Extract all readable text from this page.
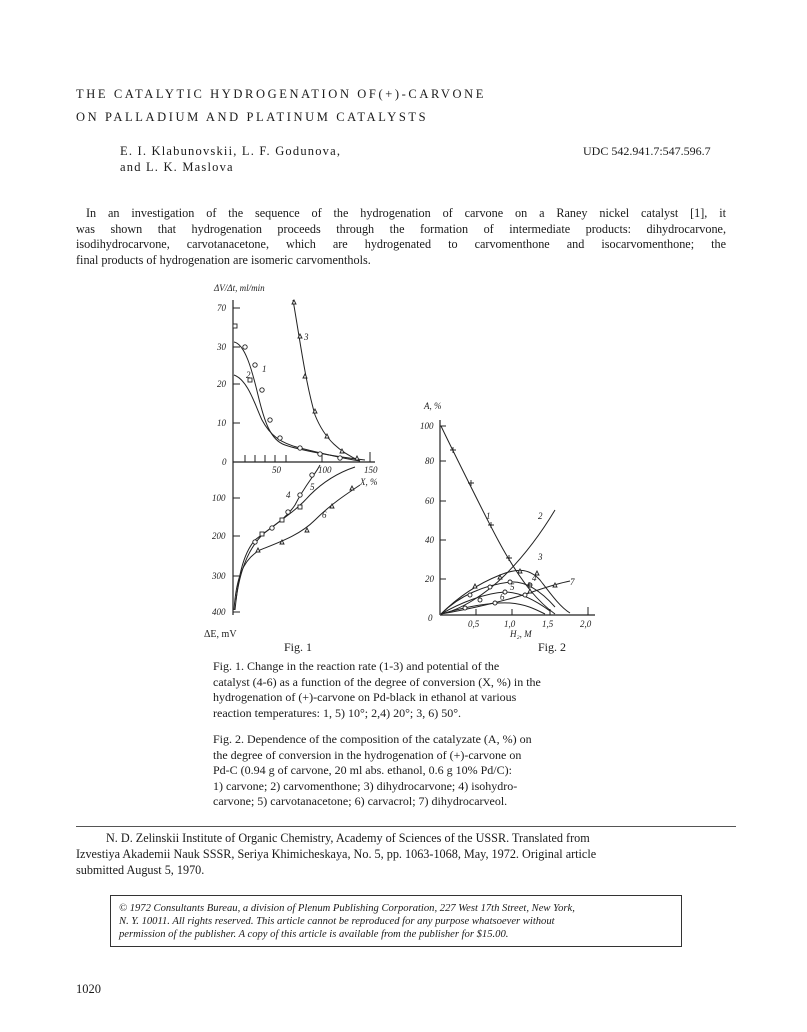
THE CATALYTIC HYDROGENATION OF(+)-CARVONE
ON PALLADIUM AND PLATINUM CATALYSTS
E. I. Klabunovskii, L. F. Godunova,
and L. K. Maslova
UDC 542.941.7:547.596.7
In an investigation of the sequence of the hydrogenation of carvone on a Raney nickel catalyst [1], it
was shown that hydrogenation proceeds through the formation of intermediate products: dihydrocarvone,
isodihydrocarvone, carvotanacetone, which are hydrogenated to carvomenthone and isocarvomenthone; the
final products of hydrogenation are isomeric carvomenthols.
ΔV/Δt, ml/min
70
30
20
10
0
100
200
300
400
50	100	150
X, %
ΔE, mV
2
1
3
4
5
6
A, %
100
80
60
40
20
0
0,5	1,0	1,5	2,0
H₂, M
1	2
3
4
5
6
7
Fig. 1	Fig. 2
Fig. 1. Change in the reaction rate (1-3) and potential of the
catalyst (4-6) as a function of the degree of conversion (X, %) in the
hydrogenation of (+)-carvone on Pd-black in ethanol at various
reaction temperatures: 1, 5) 10°; 2,4) 20°; 3, 6) 50°.
Fig. 2. Dependence of the composition of the catalyzate (A, %) on
the degree of conversion in the hydrogenation of (+)-carvone on
Pd-C (0.94 g of carvone, 20 ml abs. ethanol, 0.6 g 10% Pd/C):
1) carvone; 2) carvomenthone; 3) dihydrocarvone; 4) isohydro-
carvone; 5) carvotanacetone; 6) carvacrol; 7) dihydrocarveol.
N. D. Zelinskii Institute of Organic Chemistry, Academy of Sciences of the USSR. Translated from
Izvestiya Akademii Nauk SSSR, Seriya Khimicheskaya, No. 5, pp. 1063-1068, May, 1972. Original article
submitted August 5, 1970.
© 1972 Consultants Bureau, a division of Plenum Publishing Corporation, 227 West 17th Street, New York,
N. Y. 10011. All rights reserved. This article cannot be reproduced for any purpose whatsoever without
permission of the publisher. A copy of this article is available from the publisher for $15.00.
1020
